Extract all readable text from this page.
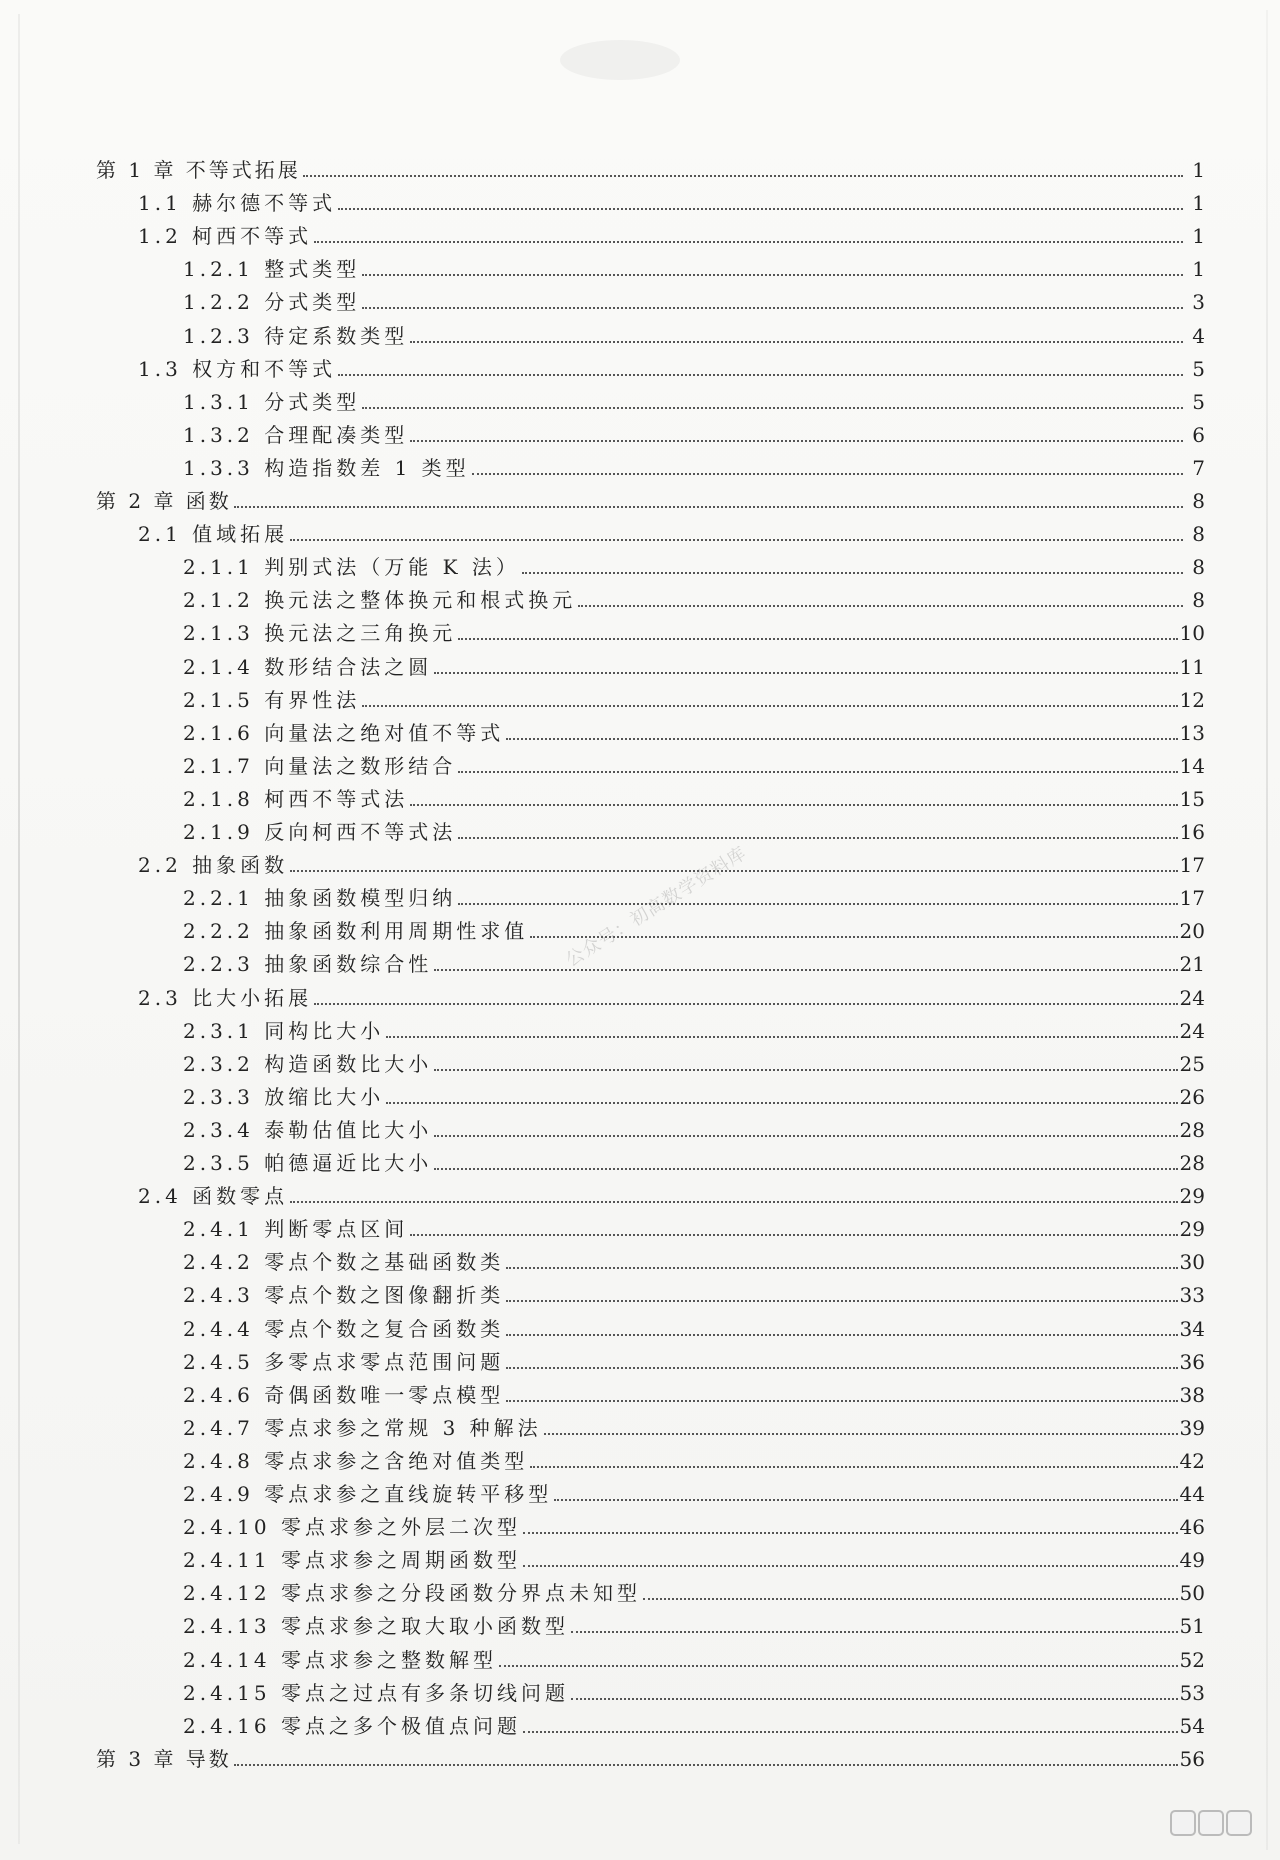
第 1 章 不等式拓展	1
1.1 赫尔德不等式	1
1.2 柯西不等式	1
1.2.1 整式类型	1
1.2.2 分式类型	3
1.2.3 待定系数类型	4
1.3 权方和不等式	5
1.3.1 分式类型	5
1.3.2 合理配凑类型	6
1.3.3 构造指数差 1 类型	7
第 2 章 函数	8
2.1 值域拓展	8
2.1.1 判别式法（万能 K 法）	8
2.1.2 换元法之整体换元和根式换元	8
2.1.3 换元法之三角换元	10
2.1.4 数形结合法之圆	11
2.1.5 有界性法	12
2.1.6 向量法之绝对值不等式	13
2.1.7 向量法之数形结合	14
2.1.8 柯西不等式法	15
2.1.9 反向柯西不等式法	16
2.2 抽象函数	17
2.2.1 抽象函数模型归纳	17
2.2.2 抽象函数利用周期性求值	20
2.2.3 抽象函数综合性	21
2.3 比大小拓展	24
2.3.1 同构比大小	24
2.3.2 构造函数比大小	25
2.3.3 放缩比大小	26
2.3.4 泰勒估值比大小	28
2.3.5 帕德逼近比大小	28
2.4 函数零点	29
2.4.1 判断零点区间	29
2.4.2 零点个数之基础函数类	30
2.4.3 零点个数之图像翻折类	33
2.4.4 零点个数之复合函数类	34
2.4.5 多零点求零点范围问题	36
2.4.6 奇偶函数唯一零点模型	38
2.4.7 零点求参之常规 3 种解法	39
2.4.8 零点求参之含绝对值类型	42
2.4.9 零点求参之直线旋转平移型	44
2.4.10 零点求参之外层二次型	46
2.4.11 零点求参之周期函数型	49
2.4.12 零点求参之分段函数分界点未知型	50
2.4.13 零点求参之取大取小函数型	51
2.4.14 零点求参之整数解型	52
2.4.15 零点之过点有多条切线问题	53
2.4.16 零点之多个极值点问题	54
第 3 章 导数	56
公众号：初高数学资料库
